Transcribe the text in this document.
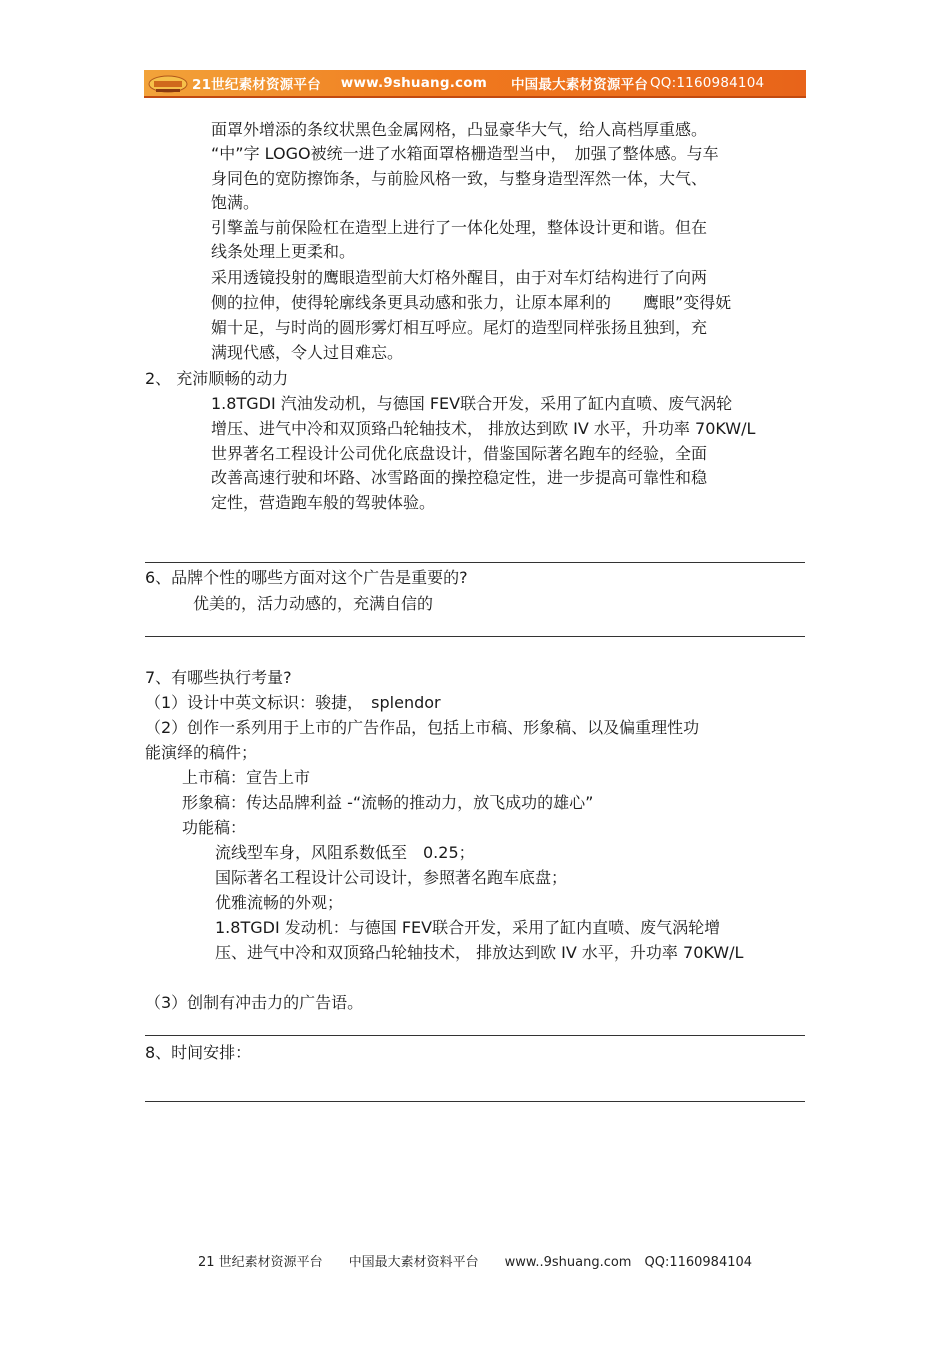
21世纪素材资源平台 www.9shuang.com 中国最大素材资源平台 QQ:1160984104
面罩外增添的条纹状黑色金属网格，凸显豪华大气，给人高档厚重感。
“中”字 LOGO被统一进了水箱面罩格栅造型当中，　加强了整体感。与车
身同色的宽防擦饰条，与前脸风格一致，与整身造型浑然一体，大气、
饱满。
引擎盖与前保险杠在造型上进行了一体化处理，整体设计更和谐。但在
线条处理上更柔和。
采用透镜投射的鹰眼造型前大灯格外醒目，由于对车灯结构进行了向两
侧的拉伸，使得轮廓线条更具动感和张力，让原本犀利的　　鹰眼”变得妩
媚十足，与时尚的圆形雾灯相互呼应。尾灯的造型同样张扬且独到，充
满现代感，令人过目难忘。
2、 充沛顺畅的动力
1.8TGDI 汽油发动机，与德国 FEV联合开发，采用了缸内直喷、废气涡轮
增压、进气中冷和双顶臵凸轮轴技术， 排放达到欧 IV 水平，升功率 70KW/L
世界著名工程设计公司优化底盘设计，借鉴国际著名跑车的经验，全面
改善高速行驶和坏路、冰雪路面的操控稳定性，进一步提高可靠性和稳
定性，营造跑车般的驾驶体验。
6、品牌个性的哪些方面对这个广告是重要的?
优美的，活力动感的，充满自信的
7、有哪些执行考量?
（1）设计中英文标识：骏捷，　splendor
（2）创作一系列用于上市的广告作品，包括上市稿、形象稿、以及偏重理性功
能演绎的稿件；
上市稿：宣告上市
形象稿：传达品牌利益 -“流畅的推动力，放飞成功的雄心”
功能稿：
流线型车身，风阻系数低至　0.25；
国际著名工程设计公司设计，参照著名跑车底盘；
优雅流畅的外观；
1.8TGDI 发动机：与德国 FEV联合开发，采用了缸内直喷、废气涡轮增
压、进气中冷和双顶臵凸轮轴技术， 排放达到欧 IV 水平，升功率 70KW/L
（3）创制有冲击力的广告语。
8、时间安排：
21 世纪素材资源平台　　中国最大素材资料平台　　www..9shuang.com　QQ:1160984104
